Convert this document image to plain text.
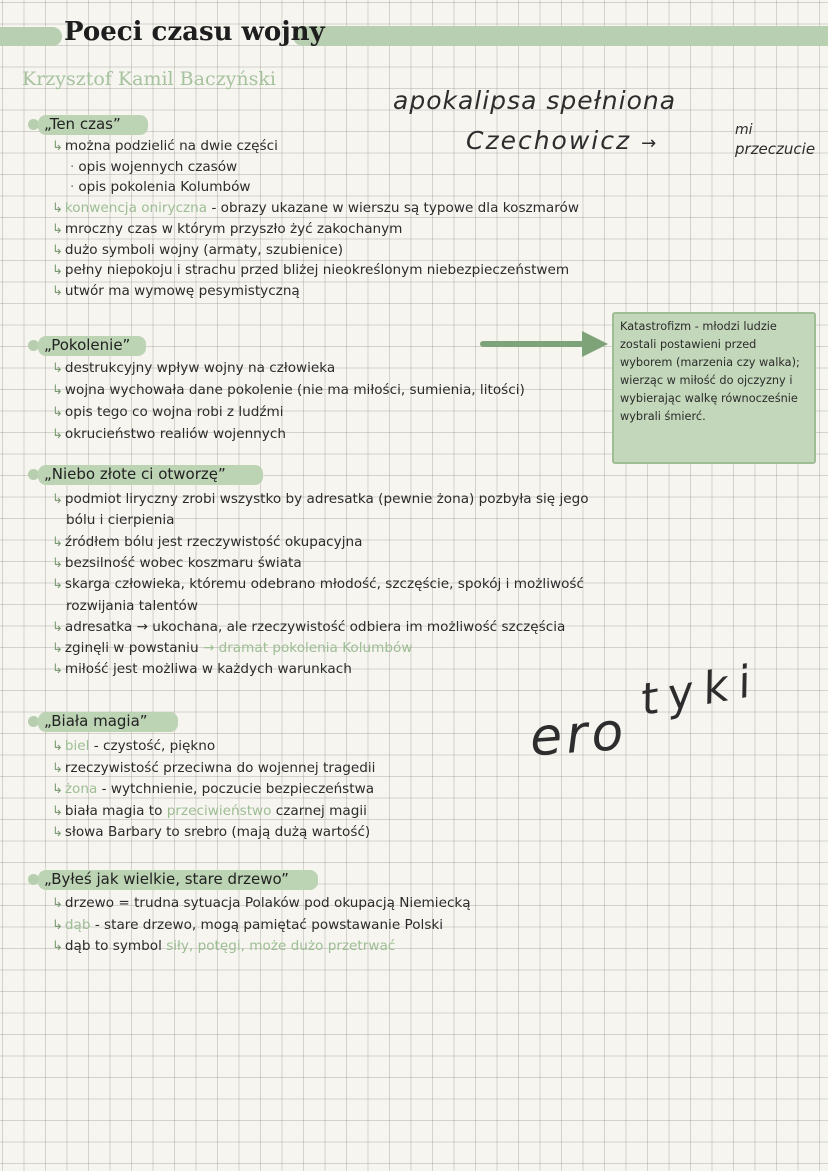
Poeci czasu wojny
Krzysztof Kamil Baczyński
apokalipsa spełniona
Czechowicz →
mi
przeczucie
ero
tyki
Katastrofizm - młodzi ludzie zostali postawieni przed wyborem (marzenia czy walka); wierząc w miłość do ojczyzny i wybierając walkę równocześnie wybrali śmierć.
„Ten czas”
↳ można podzielić na dwie części
· opis wojennych czasów
· opis pokolenia Kolumbów
↳ konwencja oniryczna - obrazy ukazane w wierszu są typowe dla koszmarów
↳ mroczny czas w którym przyszło żyć zakochanym
↳ dużo symboli wojny (armaty, szubienice)
↳ pełny niepokoju i strachu przed bliżej nieokreślonym niebezpieczeństwem
↳ utwór ma wymowę pesymistyczną
„Pokolenie”
↳ destrukcyjny wpływ wojny na człowieka
↳ wojna wychowała dane pokolenie (nie ma miłości, sumienia, litości)
↳ opis tego co wojna robi z ludźmi
↳ okrucieństwo realiów wojennych
„Niebo złote ci otworzę”
↳ podmiot liryczny zrobi wszystko by adresatka (pewnie żona) pozbyła się jego
bólu i cierpienia
↳ źródłem bólu jest rzeczywistość okupacyjna
↳ bezsilność wobec koszmaru świata
↳ skarga człowieka, któremu odebrano młodość, szczęście, spokój i możliwość
rozwijania talentów
↳ adresatka → ukochana, ale rzeczywistość odbiera im możliwość szczęścia
↳ zginęli w powstaniu → dramat pokolenia Kolumbów
↳ miłość jest możliwa w każdych warunkach
„Biała magia”
↳ biel - czystość, piękno
↳ rzeczywistość przeciwna do wojennej tragedii
↳ żona - wytchnienie, poczucie bezpieczeństwa
↳ biała magia to przeciwieństwo czarnej magii
↳ słowa Barbary to srebro (mają dużą wartość)
„Byłeś jak wielkie, stare drzewo”
↳ drzewo = trudna sytuacja Polaków pod okupacją Niemiecką
↳ dąb - stare drzewo, mogą pamiętać powstawanie Polski
↳ dąb to symbol siły, potęgi, może dużo przetrwać
